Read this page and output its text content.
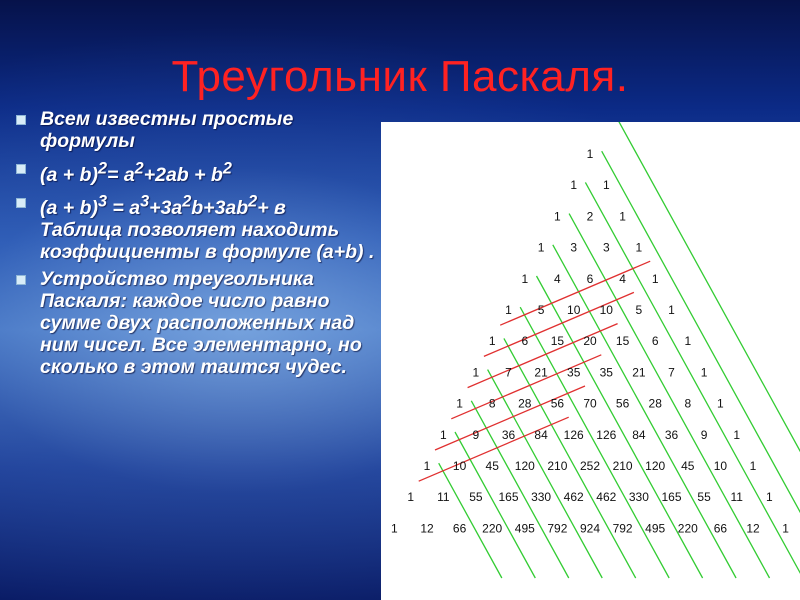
Треугольник Паскаля.
Всем известны простые формулы
$(a + b)^2= a^2+2ab + b^2$
$(a + b)^3 = a^3+3a^2b+3ab^2+ в$
Таблица позволяет находить коэффициенты в формуле (a+b) .
Устройство треугольника Паскаля: каждое число равно сумме двух расположенных над ним чисел. Все элементарно, но сколько в этом таится чудес.
1
1 1
1 2 1
1 3 3 1
1 4 6 4 1
1 5 10 10 5 1
1 6 15 20 15 6 1
1 7 21 35 35 21 7 1
1 8 28 56 70 56 28 8 1
1 9 36 84 126 126 84 36 9 1
1 10 45 120 210 252 210 120 45 10 1
1 11 55 165 330 462 462 330 165 55 11 1
1 12 66 220 495 792 924 792 495 220 66 12 1
